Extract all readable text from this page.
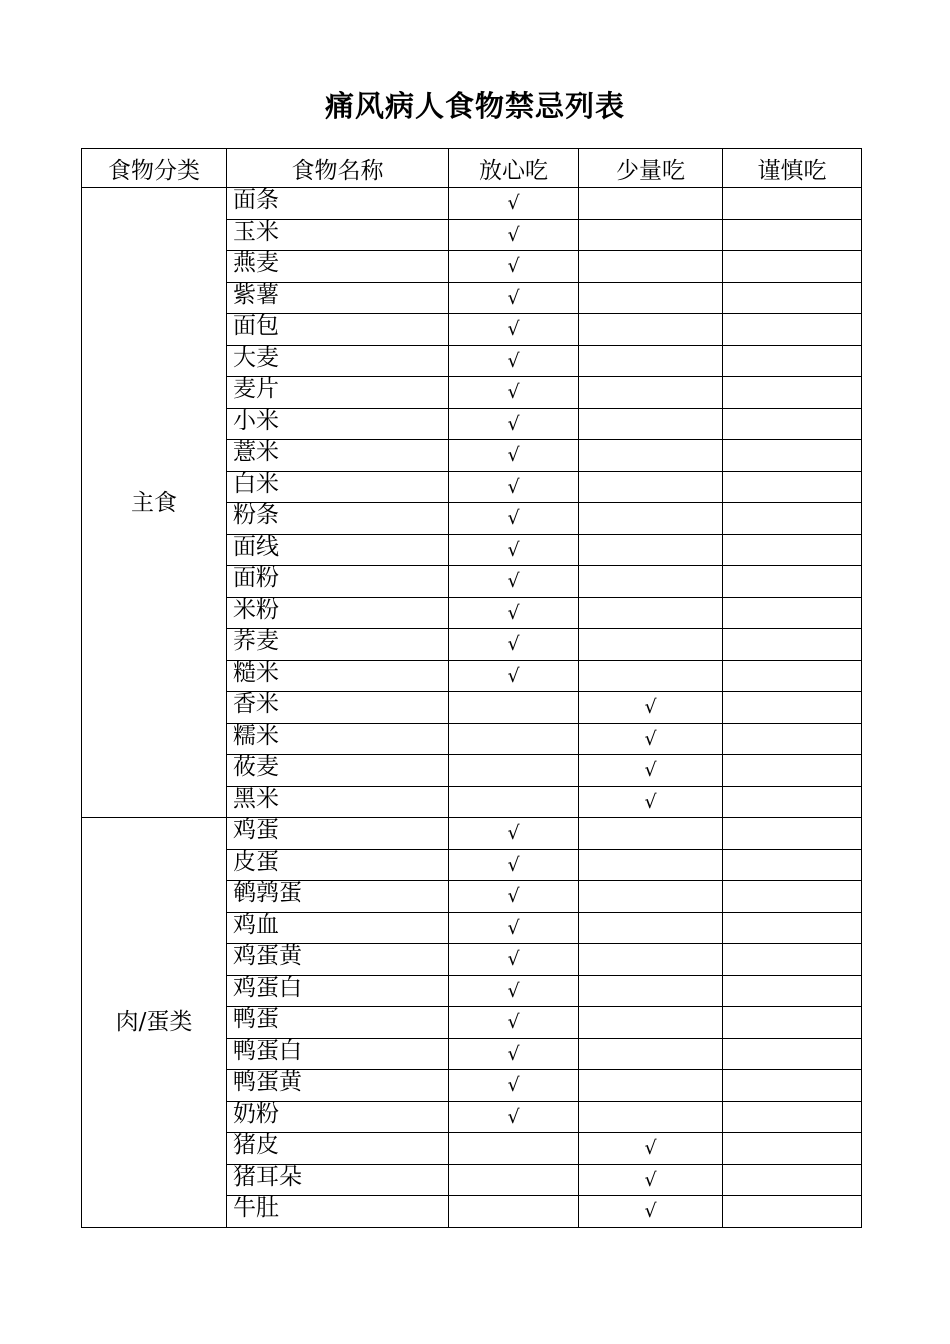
痛风病人食物禁忌列表
食物分类	食物名称	放心吃	少量吃	谨慎吃
主食	面条	√		
	玉米	√		
	燕麦	√		
	紫薯	√		
	面包	√		
	大麦	√		
	麦片	√		
	小米	√		
	薏米	√		
	白米	√		
	粉条	√		
	面线	√		
	面粉	√		
	米粉	√		
	荞麦	√		
	糙米	√		
	香米		√	
	糯米		√	
	莜麦		√	
	黑米		√	
肉/蛋类	鸡蛋	√		
	皮蛋	√		
	鹌鹑蛋	√		
	鸡血	√		
	鸡蛋黄	√		
	鸡蛋白	√		
	鸭蛋	√		
	鸭蛋白	√		
	鸭蛋黄	√		
	奶粉	√		
	猪皮		√	
	猪耳朵		√	
	牛肚		√	
